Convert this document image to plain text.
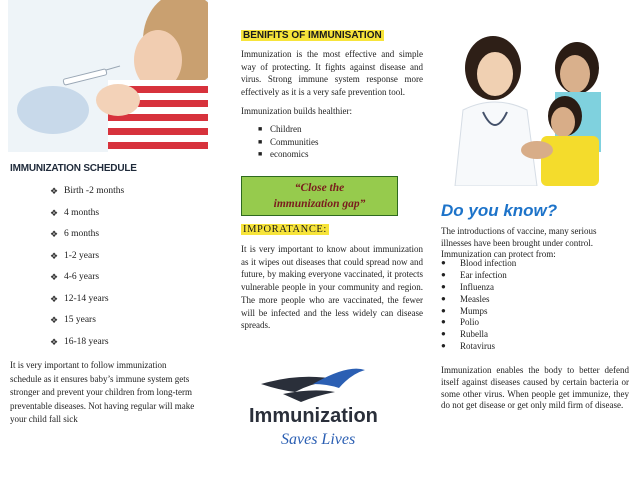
IMMUNIZATION SCHEDULE
❖ Birth -2 months
❖ 4 months
❖ 6 months
❖ 1-2 years
❖ 4-6 years
❖ 12-14 years
❖ 15 years
❖ 16-18 years

It is very important to follow immunization schedule as it ensures baby’s immune system gets stronger and prevent your children from long-term preventable diseases. Not having regular will make your child fall sick

BENIFITS OF IMMUNISATION

Immunization is the most effective and simple way of protecting. It fights against disease and virus. Strong immune system response more effectively as it is a very safe prevention tool.

Immunization builds healthier:

■ Children
■ Communities
■ economics
“Close the
immunization gap”
IMPORATANCE:

It is very important to know about immunization as it wipes out diseases that could spread now and future, by making everyone vaccinated, it protects vulnerable people in your community and region. The more people who are vaccinated, the fewer will be infected and the less widely can disease spreads.

Immunization
Saves Lives
Do you know?

The introductions of vaccine, many serious illnesses have been brought under control. Immunization can protect from:

●	Blood infection
●	Ear infection
●	Influenza
●	Measles
●	Mumps
●	Polio
●	Rubella
●	Rotavirus

Immunization enables the body to better defend itself against diseases caused by certain bacteria or some other virus. When people get immunize, they do not get disease or get only mild firm of disease.
